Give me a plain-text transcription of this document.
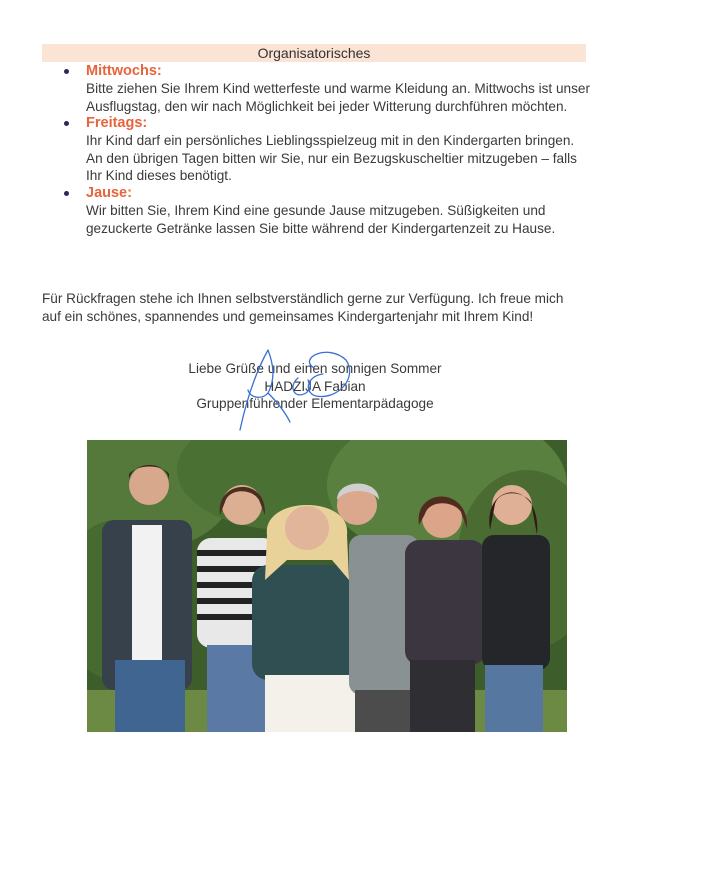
Organisatorisches
Mittwochs:
Bitte ziehen Sie Ihrem Kind wetterfeste und warme Kleidung an. Mittwochs ist unser Ausflugstag, den wir nach Möglichkeit bei jeder Witterung durchführen möchten.
Freitags:
Ihr Kind darf ein persönliches Lieblingsspielzeug mit in den Kindergarten bringen. An den übrigen Tagen bitten wir Sie, nur ein Bezugskuscheltier mitzugeben – falls Ihr Kind dieses benötigt.
Jause:
Wir bitten Sie, Ihrem Kind eine gesunde Jause mitzugeben. Süßigkeiten und gezuckerte Getränke lassen Sie bitte während der Kindergartenzeit zu Hause.

Für Rückfragen stehe ich Ihnen selbstverständlich gerne zur Verfügung. Ich freue mich auf ein schönes, spannendes und gemeinsames Kindergartenjahr mit Ihrem Kind!

Liebe Grüße und einen sonnigen Sommer
HADZIJA Fabian
Gruppenführender Elementarpädagoge
